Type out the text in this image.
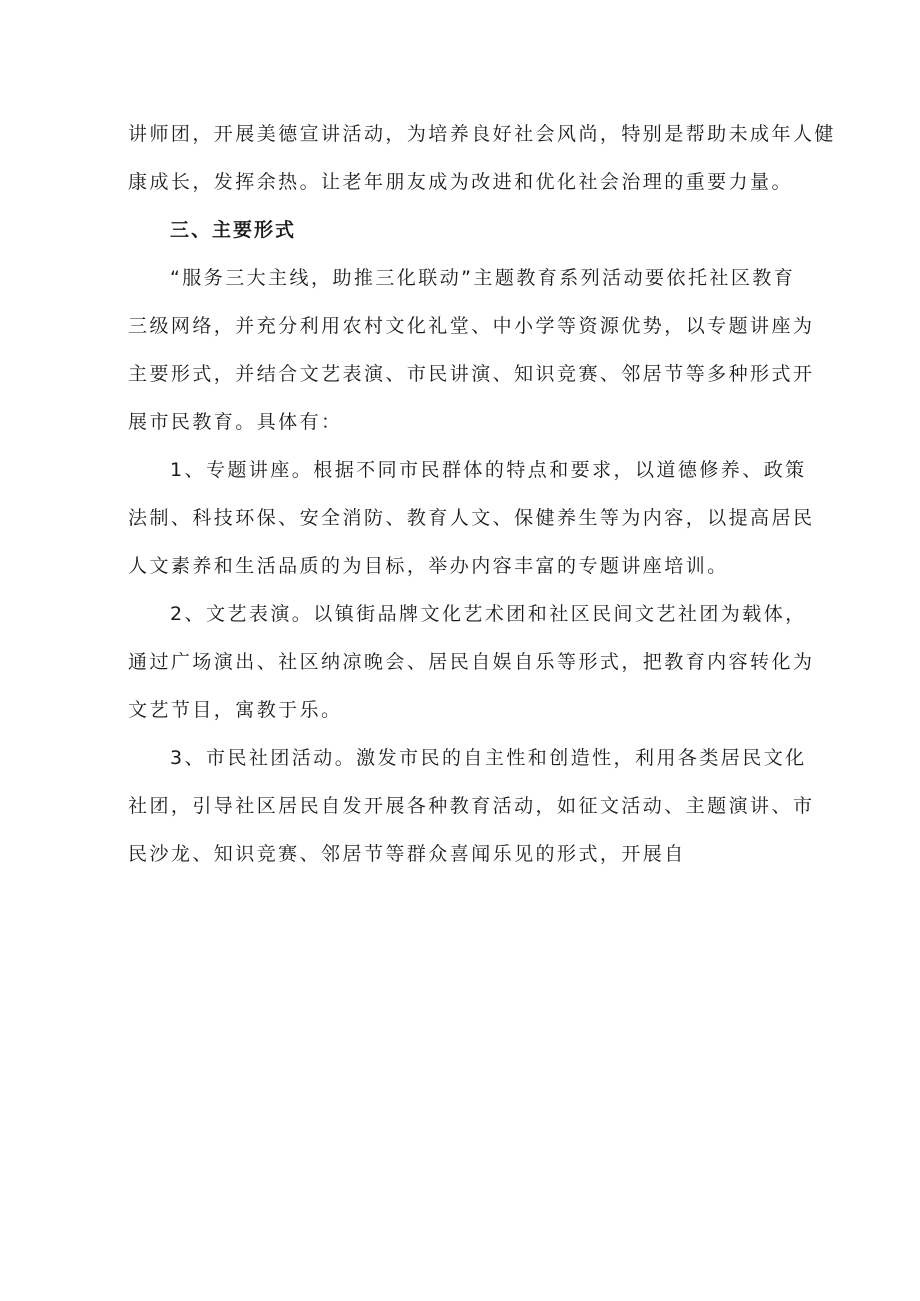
讲师团，开展美德宣讲活动，为培养良好社会风尚，特别是帮助未成年人健

康成长，发挥余热。让老年朋友成为改进和优化社会治理的重要力量。

三、主要形式

“服务三大主线，助推三化联动”主题教育系列活动要依托社区教育

三级网络，并充分利用农村文化礼堂、中小学等资源优势，以专题讲座为

主要形式，并结合文艺表演、市民讲演、知识竞赛、邻居节等多种形式开

展市民教育。具体有：

1、专题讲座。根据不同市民群体的特点和要求，以道德修养、政策

法制、科技环保、安全消防、教育人文、保健养生等为内容，以提高居民

人文素养和生活品质的为目标，举办内容丰富的专题讲座培训。

2、文艺表演。以镇街品牌文化艺术团和社区民间文艺社团为载体，

通过广场演出、社区纳凉晚会、居民自娱自乐等形式，把教育内容转化为

文艺节目，寓教于乐。

3、市民社团活动。激发市民的自主性和创造性，利用各类居民文化

社团，引导社区居民自发开展各种教育活动，如征文活动、主题演讲、市

民沙龙、知识竞赛、邻居节等群众喜闻乐见的形式，开展自
